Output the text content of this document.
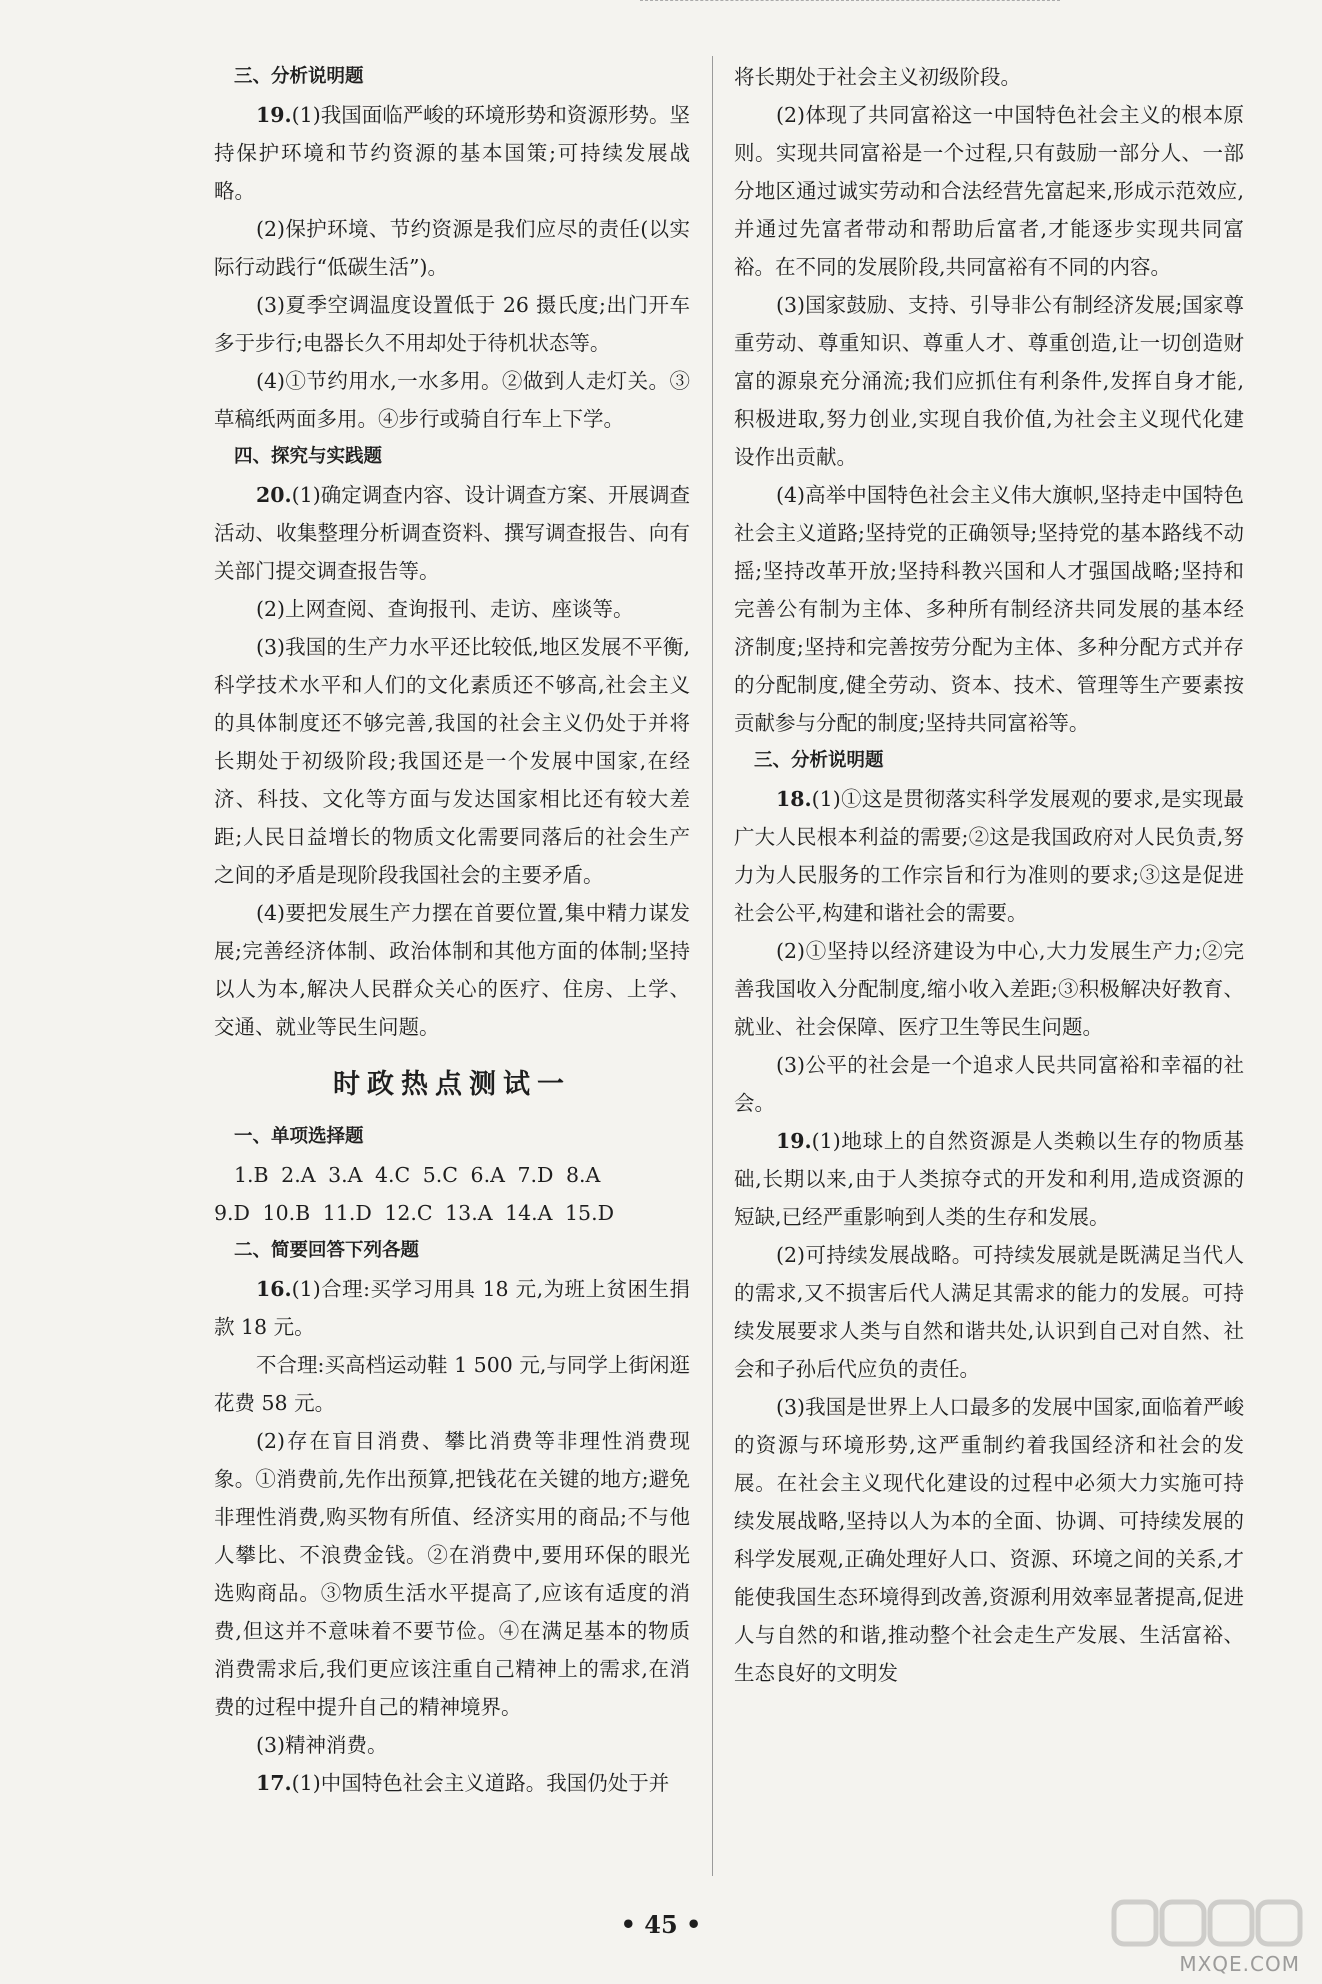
三、分析说明题

19.(1)我国面临严峻的环境形势和资源形势。坚持保护环境和节约资源的基本国策;可持续发展战略。

(2)保护环境、节约资源是我们应尽的责任(以实际行动践行“低碳生活”)。

(3)夏季空调温度设置低于 26 摄氏度;出门开车多于步行;电器长久不用却处于待机状态等。

(4)①节约用水,一水多用。②做到人走灯关。③草稿纸两面多用。④步行或骑自行车上下学。

四、探究与实践题

20.(1)确定调查内容、设计调查方案、开展调查活动、收集整理分析调查资料、撰写调查报告、向有关部门提交调查报告等。

(2)上网查阅、查询报刊、走访、座谈等。

(3)我国的生产力水平还比较低,地区发展不平衡,科学技术水平和人们的文化素质还不够高,社会主义的具体制度还不够完善,我国的社会主义仍处于并将长期处于初级阶段;我国还是一个发展中国家,在经济、科技、文化等方面与发达国家相比还有较大差距;人民日益增长的物质文化需要同落后的社会生产之间的矛盾是现阶段我国社会的主要矛盾。

(4)要把发展生产力摆在首要位置,集中精力谋发展;完善经济体制、政治体制和其他方面的体制;坚持以人为本,解决人民群众关心的医疗、住房、上学、交通、就业等民生问题。

时政热点测试一

一、单项选择题

1.B 2.A 3.A 4.C 5.C 6.A 7.D 8.A

9.D 10.B 11.D 12.C 13.A 14.A 15.D

二、简要回答下列各题

16.(1)合理:买学习用具 18 元,为班上贫困生捐款 18 元。

不合理:买高档运动鞋 1 500 元,与同学上街闲逛花费 58 元。

(2)存在盲目消费、攀比消费等非理性消费现象。①消费前,先作出预算,把钱花在关键的地方;避免非理性消费,购买物有所值、经济实用的商品;不与他人攀比、不浪费金钱。②在消费中,要用环保的眼光选购商品。③物质生活水平提高了,应该有适度的消费,但这并不意味着不要节俭。④在满足基本的物质消费需求后,我们更应该注重自己精神上的需求,在消费的过程中提升自己的精神境界。

(3)精神消费。

17.(1)中国特色社会主义道路。我国仍处于并

将长期处于社会主义初级阶段。

(2)体现了共同富裕这一中国特色社会主义的根本原则。实现共同富裕是一个过程,只有鼓励一部分人、一部分地区通过诚实劳动和合法经营先富起来,形成示范效应,并通过先富者带动和帮助后富者,才能逐步实现共同富裕。在不同的发展阶段,共同富裕有不同的内容。

(3)国家鼓励、支持、引导非公有制经济发展;国家尊重劳动、尊重知识、尊重人才、尊重创造,让一切创造财富的源泉充分涌流;我们应抓住有利条件,发挥自身才能,积极进取,努力创业,实现自我价值,为社会主义现代化建设作出贡献。

(4)高举中国特色社会主义伟大旗帜,坚持走中国特色社会主义道路;坚持党的正确领导;坚持党的基本路线不动摇;坚持改革开放;坚持科教兴国和人才强国战略;坚持和完善公有制为主体、多种所有制经济共同发展的基本经济制度;坚持和完善按劳分配为主体、多种分配方式并存的分配制度,健全劳动、资本、技术、管理等生产要素按贡献参与分配的制度;坚持共同富裕等。

三、分析说明题

18.(1)①这是贯彻落实科学发展观的要求,是实现最广大人民根本利益的需要;②这是我国政府对人民负责,努力为人民服务的工作宗旨和行为准则的要求;③这是促进社会公平,构建和谐社会的需要。

(2)①坚持以经济建设为中心,大力发展生产力;②完善我国收入分配制度,缩小收入差距;③积极解决好教育、就业、社会保障、医疗卫生等民生问题。

(3)公平的社会是一个追求人民共同富裕和幸福的社会。

19.(1)地球上的自然资源是人类赖以生存的物质基础,长期以来,由于人类掠夺式的开发和利用,造成资源的短缺,已经严重影响到人类的生存和发展。

(2)可持续发展战略。可持续发展就是既满足当代人的需求,又不损害后代人满足其需求的能力的发展。可持续发展要求人类与自然和谐共处,认识到自己对自然、社会和子孙后代应负的责任。

(3)我国是世界上人口最多的发展中国家,面临着严峻的资源与环境形势,这严重制约着我国经济和社会的发展。在社会主义现代化建设的过程中必须大力实施可持续发展战略,坚持以人为本的全面、协调、可持续发展的科学发展观,正确处理好人口、资源、环境之间的关系,才能使我国生态环境得到改善,资源利用效率显著提高,促进人与自然的和谐,推动整个社会走生产发展、生活富裕、生态良好的文明发

• 45 •
MXQE.COM
